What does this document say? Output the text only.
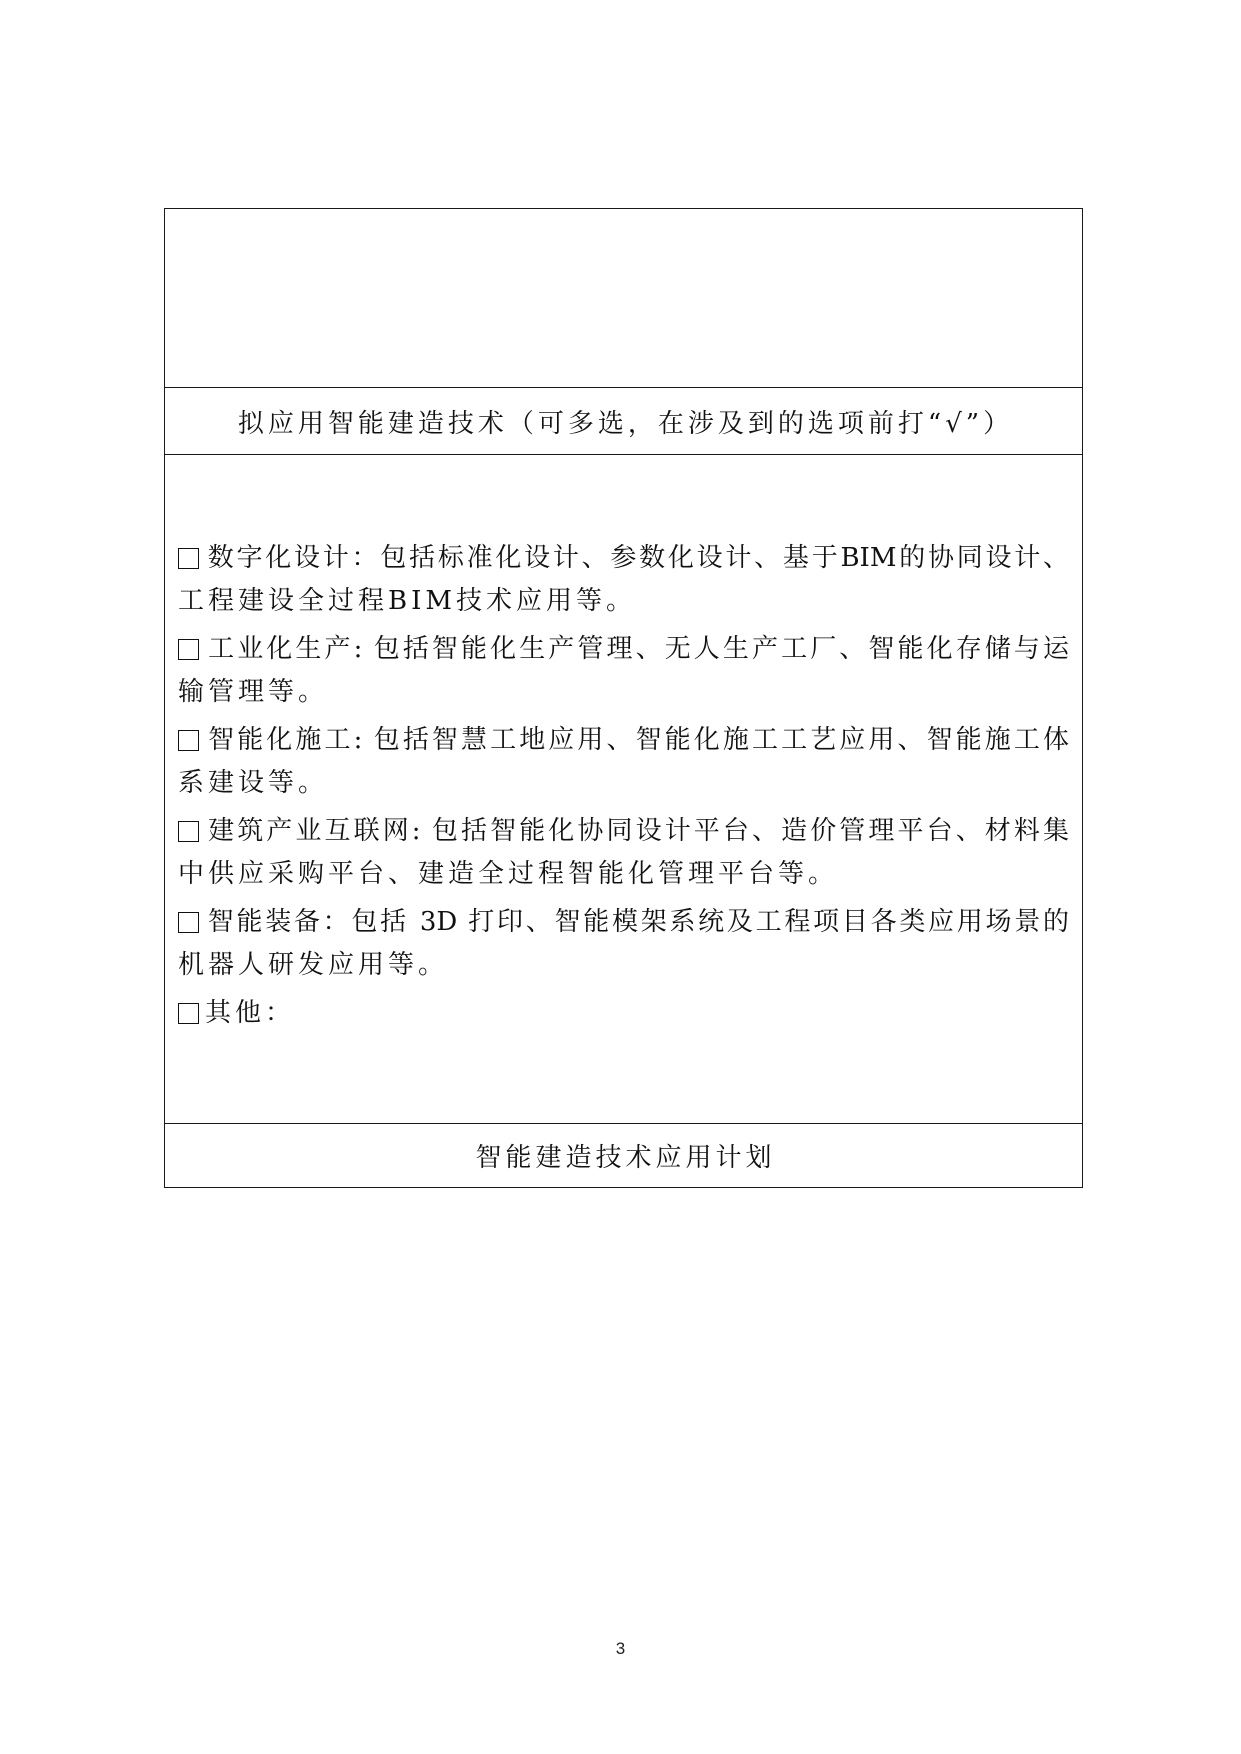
拟应用智能建造技术（可多选，在涉及到的选项前打“√”）
数字化设计：包括标准化设计、参数化设计、基于BIM的协同设计、
工程建设全过程BIM技术应用等。
工业化生产: 包括智能化生产管理、无人生产工厂、智能化存储与运
输管理等。
智能化施工: 包括智慧工地应用、智能化施工工艺应用、智能施工体
系建设等。
建筑产业互联网: 包括智能化协同设计平台、造价管理平台、材料集
中供应采购平台、建造全过程智能化管理平台等。
智能装备：包括 3D 打印、智能模架系统及工程项目各类应用场景的
机器人研发应用等。
其他：
智能建造技术应用计划
3
